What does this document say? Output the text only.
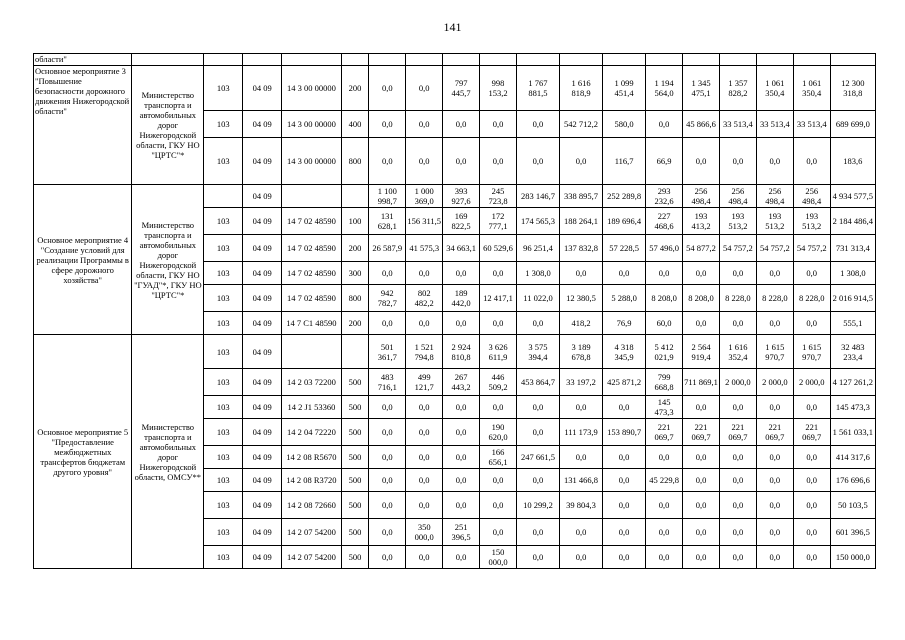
141
области"																		
Основное мероприятие 3 "Повышение безопасности дорожного движения Нижегородской области"	Министерство транспорта и автомобильных дорог Нижегородской области, ГКУ НО "ЦРТС"*	103	04 09	14 3 00 00000	200	0,0	0,0	797 445,7	998 153,2	1 767 881,5	1 616 818,9	1 099 451,4	1 194 564,0	1 345 475,1	1 357 828,2	1 061 350,4	1 061 350,4	12 300 318,8
		103	04 09	14 3 00 00000	400	0,0	0,0	0,0	0,0	0,0	542 712,2	580,0	0,0	45 866,6	33 513,4	33 513,4	33 513,4	689 699,0
		103	04 09	14 3 00 00000	800	0,0	0,0	0,0	0,0	0,0	0,0	116,7	66,9	0,0	0,0	0,0	0,0	183,6
Основное мероприятие 4 "Создание условий для реализации Программы в сфере дорожного хозяйства"	Министерство транспорта и автомобильных дорог Нижегородской области, ГКУ НО "ГУАД"*, ГКУ НО "ЦРТС"*		04 09			1 100 998,7	1 000 369,0	393 927,6	245 723,8	283 146,7	338 895,7	252 289,8	293 232,6	256 498,4	256 498,4	256 498,4	256 498,4	4 934 577,5
		103	04 09	14 7 02 48590	100	131 628,1	156 311,5	169 822,5	172 777,1	174 565,3	188 264,1	189 696,4	227 468,6	193 413,2	193 513,2	193 513,2	193 513,2	2 184 486,4
		103	04 09	14 7 02 48590	200	26 587,9	41 575,3	34 663,1	60 529,6	96 251,4	137 832,8	57 228,5	57 496,0	54 877,2	54 757,2	54 757,2	54 757,2	731 313,4
		103	04 09	14 7 02 48590	300	0,0	0,0	0,0	0,0	1 308,0	0,0	0,0	0,0	0,0	0,0	0,0	0,0	1 308,0
		103	04 09	14 7 02 48590	800	942 782,7	802 482,2	189 442,0	12 417,1	11 022,0	12 380,5	5 288,0	8 208,0	8 208,0	8 228,0	8 228,0	8 228,0	2 016 914,5
		103	04 09	14 7 C1 48590	200	0,0	0,0	0,0	0,0	0,0	418,2	76,9	60,0	0,0	0,0	0,0	0,0	555,1
Основное мероприятие 5 "Предоставление межбюджетных трансфертов бюджетам другого уровня"	Министерство транспорта и автомобильных дорог Нижегородской области, ОМСУ**	103	04 09			501 361,7	1 521 794,8	2 924 810,8	3 626 611,9	3 575 394,4	3 189 678,8	4 318 345,9	5 412 021,9	2 564 919,4	1 616 352,4	1 615 970,7	1 615 970,7	32 483 233,4
		103	04 09	14 2 03 72200	500	483 716,1	499 121,7	267 443,2	446 509,2	453 864,7	33 197,2	425 871,2	799 668,8	711 869,1	2 000,0	2 000,0	2 000,0	4 127 261,2
		103	04 09	14 2 J1 53360	500	0,0	0,0	0,0	0,0	0,0	0,0	0,0	145 473,3	0,0	0,0	0,0	0,0	145 473,3
		103	04 09	14 2 04 72220	500	0,0	0,0	0,0	190 620,0	0,0	111 173,9	153 890,7	221 069,7	221 069,7	221 069,7	221 069,7	221 069,7	1 561 033,1
		103	04 09	14 2 08 R5670	500	0,0	0,0	0,0	166 656,1	247 661,5	0,0	0,0	0,0	0,0	0,0	0,0	0,0	414 317,6
		103	04 09	14 2 08 R3720	500	0,0	0,0	0,0	0,0	0,0	131 466,8	0,0	45 229,8	0,0	0,0	0,0	0,0	176 696,6
		103	04 09	14 2 08 72660	500	0,0	0,0	0,0	0,0	10 299,2	39 804,3	0,0	0,0	0,0	0,0	0,0	0,0	50 103,5
		103	04 09	14 2 07 54200	500	0,0	350 000,0	251 396,5	0,0	0,0	0,0	0,0	0,0	0,0	0,0	0,0	0,0	601 396,5
		103	04 09	14 2 07 54200	500	0,0	0,0	0,0	150 000,0	0,0	0,0	0,0	0,0	0,0	0,0	0,0	0,0	150 000,0
